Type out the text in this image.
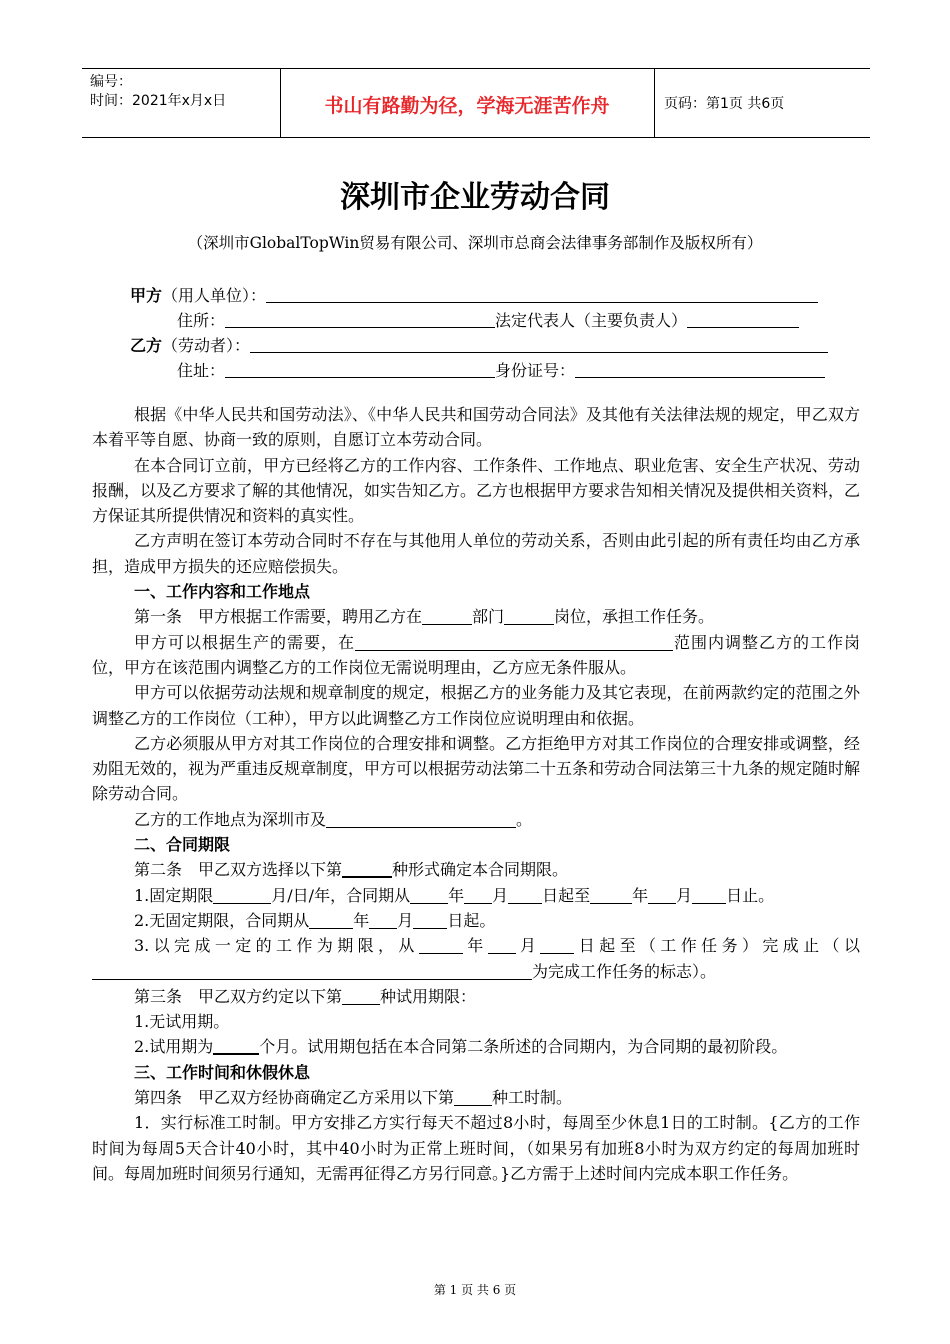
编号：
时间：2021年x月x日	书山有路勤为径，学海无涯苦作舟	页码：第1页 共6页
深圳市企业劳动合同
（深圳市GlobalTopWin贸易有限公司、深圳市总商会法律事务部制作及版权所有）
甲方（用人单位）：
住所：	法定代表人（主要负责人）
乙方（劳动者）：
住址：	身份证号：

根据《中华人民共和国劳动法》、《中华人民共和国劳动合同法》及其他有关法律法规的规定，甲乙双方本着平等自愿、协商一致的原则，自愿订立本劳动合同。

在本合同订立前，甲方已经将乙方的工作内容、工作条件、工作地点、职业危害、安全生产状况、劳动报酬，以及乙方要求了解的其他情况，如实告知乙方。乙方也根据甲方要求告知相关情况及提供相关资料，乙方保证其所提供情况和资料的真实性。

乙方声明在签订本劳动合同时不存在与其他用人单位的劳动关系，否则由此引起的所有责任均由乙方承担，造成甲方损失的还应赔偿损失。

一、工作内容和工作地点

第一条　甲方根据工作需要，聘用乙方在	部门	岗位，承担工作任务。

甲方可以根据生产的需要，在	范围内调整乙方的工作岗位，甲方在该范围内调整乙方的工作岗位无需说明理由，乙方应无条件服从。

甲方可以依据劳动法规和规章制度的规定，根据乙方的业务能力及其它表现，在前两款约定的范围之外调整乙方的工作岗位（工种），甲方以此调整乙方工作岗位应说明理由和依据。

乙方必须服从甲方对其工作岗位的合理安排和调整。乙方拒绝甲方对其工作岗位的合理安排或调整，经劝阻无效的，视为严重违反规章制度，甲方可以根据劳动法第二十五条和劳动合同法第三十九条的规定随时解除劳动合同。

乙方的工作地点为深圳市及	。

二、合同期限

第二条　甲乙双方选择以下第	种形式确定本合同期限。

1.固定期限	月/日/年，合同期从 年 月 日起至	年 月 日止。

2.无固定期限，合同期从	年 月 日起。

3.以完成一定的工作为期限，从	年 月 日起至（工作任务）完成止（以为完成工作任务的标志）。

第三条　甲乙双方约定以下第 种试用期限：

1.无试用期。

2.试用期为	个月。试用期包括在本合同第二条所述的合同期内，为合同期的最初阶段。

三、工作时间和休假休息

第四条　甲乙双方经协商确定乙方采用以下第 种工时制。

1．实行标准工时制。甲方安排乙方实行每天不超过8小时，每周至少休息1日的工时制。{乙方的工作时间为每周5天合计40小时，其中40小时为正常上班时间，（如果另有加班8小时为双方约定的每周加班时间。每周加班时间须另行通知，无需再征得乙方另行同意。}乙方需于上述时间内完成本职工作任务。

第 1 页 共 6 页
